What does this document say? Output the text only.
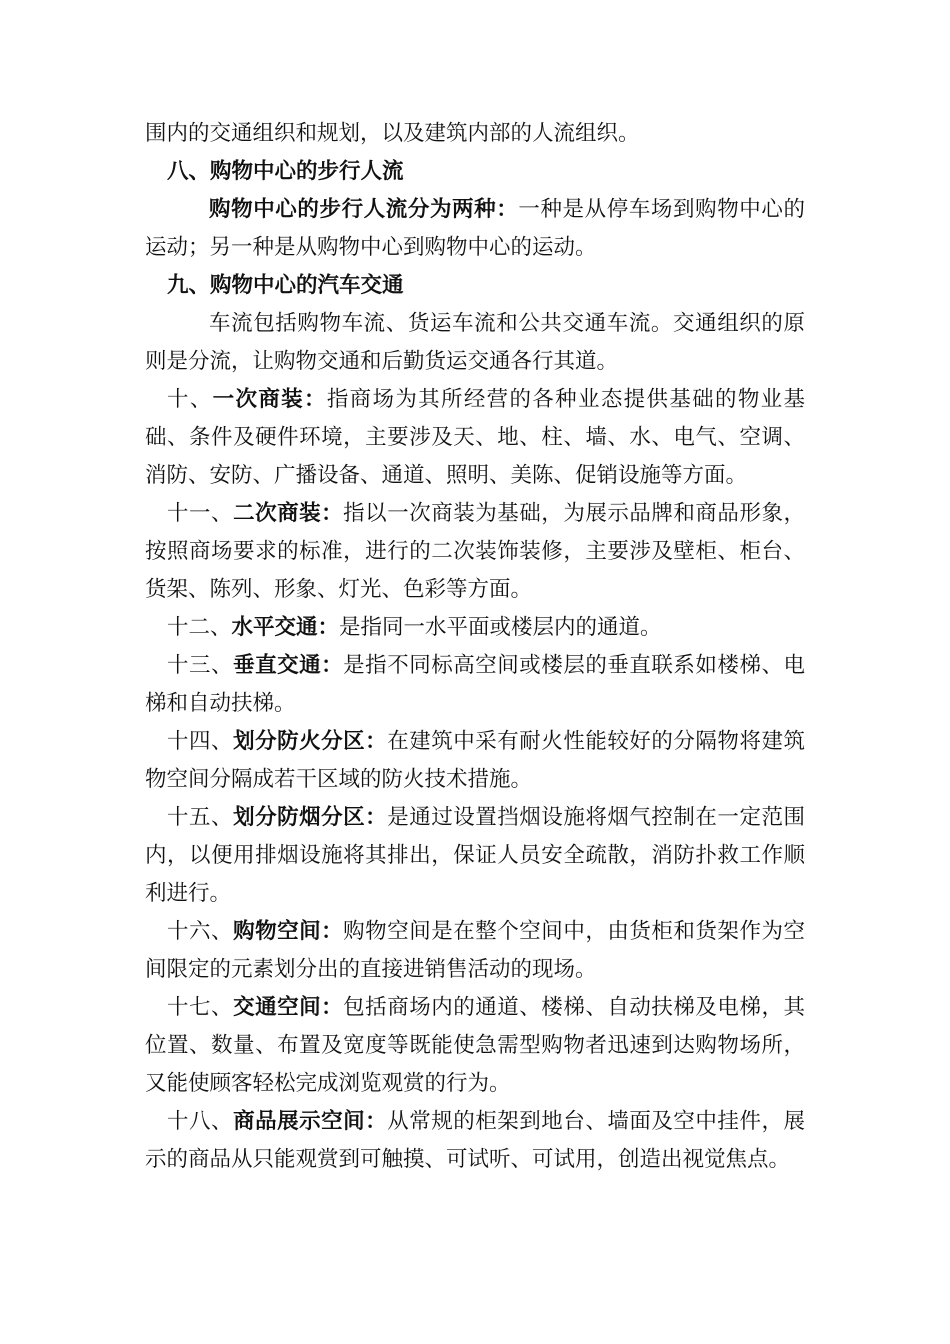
围内的交通组织和规划，以及建筑内部的人流组织。

八、购物中心的步行人流

购物中心的步行人流分为两种：一种是从停车场到购物中心的运动；另一种是从购物中心到购物中心的运动。

九、购物中心的汽车交通

车流包括购物车流、货运车流和公共交通车流。交通组织的原则是分流，让购物交通和后勤货运交通各行其道。

十、一次商装：指商场为其所经营的各种业态提供基础的物业基础、条件及硬件环境，主要涉及天、地、柱、墙、水、电气、空调、消防、安防、广播设备、通道、照明、美陈、促销设施等方面。

十一、二次商装：指以一次商装为基础，为展示品牌和商品形象，按照商场要求的标准，进行的二次装饰装修，主要涉及壁柜、柜台、货架、陈列、形象、灯光、色彩等方面。

十二、水平交通：是指同一水平面或楼层内的通道。

十三、垂直交通：是指不同标高空间或楼层的垂直联系如楼梯、电梯和自动扶梯。

十四、划分防火分区：在建筑中采有耐火性能较好的分隔物将建筑物空间分隔成若干区域的防火技术措施。

十五、划分防烟分区：是通过设置挡烟设施将烟气控制在一定范围内，以便用排烟设施将其排出，保证人员安全疏散，消防扑救工作顺利进行。

十六、购物空间：购物空间是在整个空间中，由货柜和货架作为空间限定的元素划分出的直接进销售活动的现场。

十七、交通空间：包括商场内的通道、楼梯、自动扶梯及电梯，其位置、数量、布置及宽度等既能使急需型购物者迅速到达购物场所，又能使顾客轻松完成浏览观赏的行为。

十八、商品展示空间：从常规的柜架到地台、墙面及空中挂件，展示的商品从只能观赏到可触摸、可试听、可试用，创造出视觉焦点。
